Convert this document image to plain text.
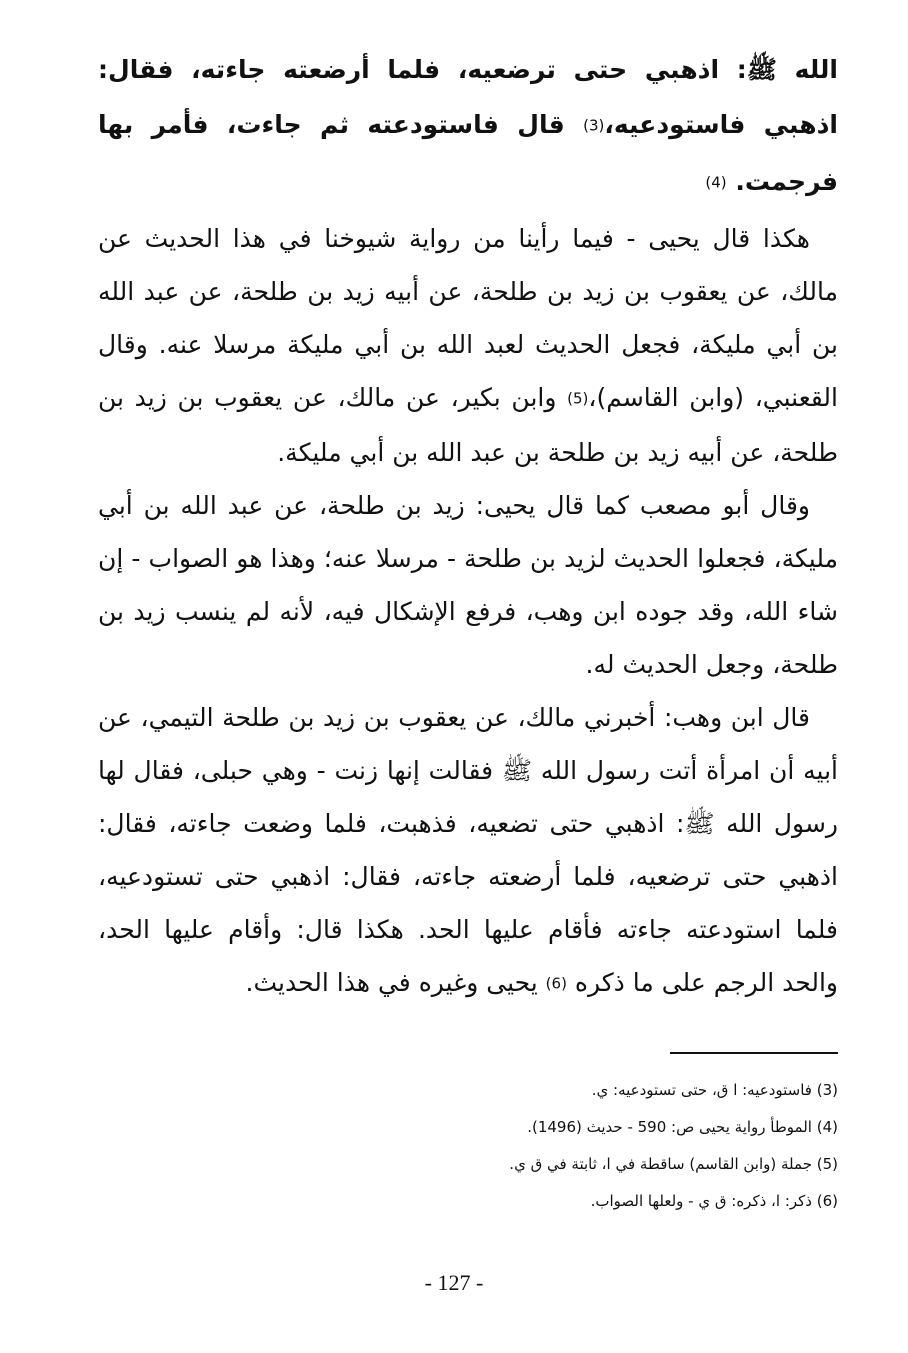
الله ﷺ: اذهبي حتى ترضعيه، فلما أرضعته جاءته، فقال: اذهبي فاستودعيه،(3) قال فاستودعته ثم جاءت، فأمر بها فرجمت. (4)

هكذا قال يحيى - فيما رأينا من رواية شيوخنا في هذا الحديث عن مالك، عن يعقوب بن زيد بن طلحة، عن أبيه زيد بن طلحة، عن عبد الله بن أبي مليكة، فجعل الحديث لعبد الله بن أبي مليكة مرسلا عنه. وقال القعنبي، (وابن القاسم)،(5) وابن بكير، عن مالك، عن يعقوب بن زيد بن طلحة، عن أبيه زيد بن طلحة بن عبد الله بن أبي مليكة.

وقال أبو مصعب كما قال يحيى: زيد بن طلحة، عن عبد الله بن أبي مليكة، فجعلوا الحديث لزيد بن طلحة - مرسلا عنه؛ وهذا هو الصواب - إن شاء الله، وقد جوده ابن وهب، فرفع الإشكال فيه، لأنه لم ينسب زيد بن طلحة، وجعل الحديث له.

قال ابن وهب: أخبرني مالك، عن يعقوب بن زيد بن طلحة التيمي، عن أبيه أن امرأة أتت رسول الله ﷺ فقالت إنها زنت - وهي حبلى، فقال لها رسول الله ﷺ: اذهبي حتى تضعيه، فذهبت، فلما وضعت جاءته، فقال: اذهبي حتى ترضعيه، فلما أرضعته جاءته، فقال: اذهبي حتى تستودعيه، فلما استودعته جاءته فأقام عليها الحد. هكذا قال: وأقام عليها الحد، والحد الرجم على ما ذكره (6) يحيى وغيره في هذا الحديث.

(3) فاستودعيه: ا ق، حتى تستودعيه: ي.

(4) الموطأ رواية يحيى ص: 590 - حديث (1496).

(5) جملة (وابن القاسم) ساقطة في ا، ثابتة في ق ي.

(6) ذكر: ا، ذكره: ق ي - ولعلها الصواب.

- 127 -
